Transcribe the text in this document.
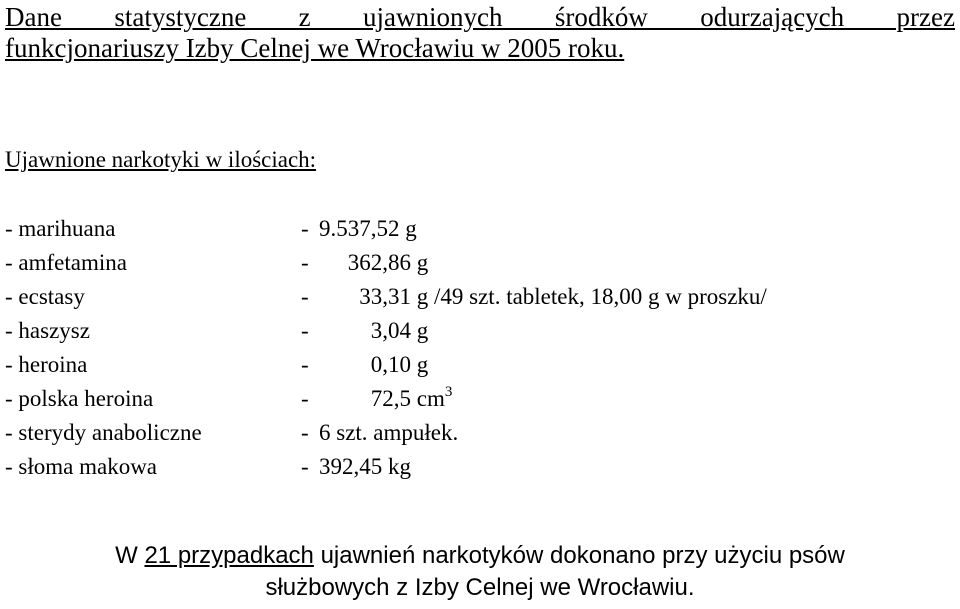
Dane statystyczne z ujawnionych środków odurzających przez
funkcjonariuszy Izby Celnej we Wrocławiu w 2005 roku.
Ujawnione narkotyki w ilościach:
- marihuana	- 9.537,52 g
- amfetamina	-	362,86 g
- ecstasy	-	33,31 g /49 szt. tabletek, 18,00 g w proszku/
- haszysz	-	3,04 g
- heroina	-	0,10 g
- polska heroina	-	72,5 $cm^3$
- sterydy anaboliczne	- 6 szt. ampułek.
- słoma makowa	- 392,45 kg
W 21 przypadkach ujawnień narkotyków dokonano przy użyciu psów
służbowych z Izby Celnej we Wrocławiu.
